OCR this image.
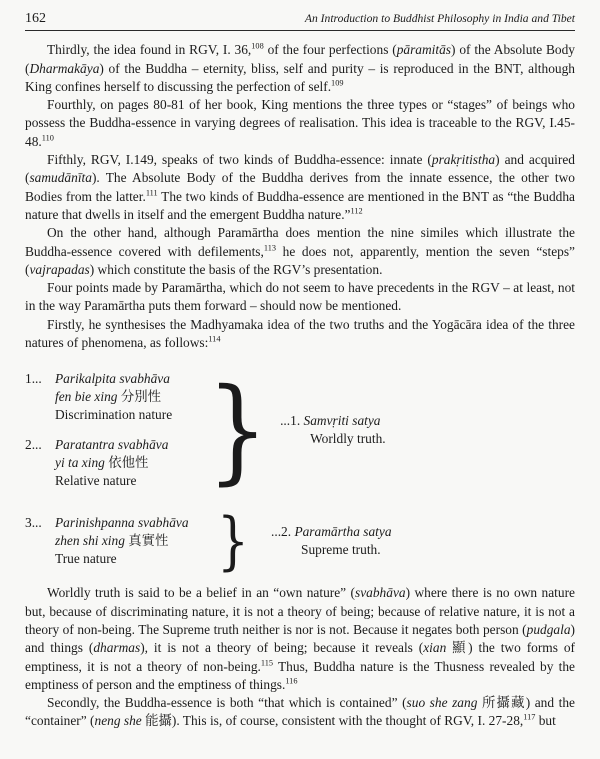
162	An Introduction to Buddhist Philosophy in India and Tibet

Thirdly, the idea found in RGV, I. 36,$^{108}$ of the four perfections (pāramitās) of the Absolute Body (Dharmakāya) of the Buddha – eternity, bliss, self and purity – is reproduced in the BNT, although King confines herself to discussing the perfection of self.$^{109}$

Fourthly, on pages 80-81 of her book, King mentions the three types or “stages” of beings who possess the Buddha-essence in varying degrees of realisation. This idea is traceable to the RGV, I.45-48.$^{110}$

Fifthly, RGV, I.149, speaks of two kinds of Buddha-essence: innate (prakṛitistha) and acquired (samudānīta). The Absolute Body of the Buddha derives from the innate essence, the other two Bodies from the latter.$^{111}$ The two kinds of Buddha-essence are mentioned in the BNT as “the Buddha nature that dwells in itself and the emergent Buddha nature.”$^{112}$

On the other hand, although Paramārtha does mention the nine similes which illustrate the Buddha-essence covered with defilements,$^{113}$ he does not, apparently, mention the seven “steps” (vajrapadas) which constitute the basis of the RGV’s presentation.

Four points made by Paramārtha, which do not seem to have precedents in the RGV – at least, not in the way Paramārtha puts them forward – should now be mentioned.

Firstly, he synthesises the Madhyamaka idea of the two truths and the Yogācāra idea of the three natures of phenomena, as follows:$^{114}$

1... Parikalpita svabhāva
fen bie xing 分別性
Discrimination nature
2... Paratantra svabhāva
yi ta xing 依他性
Relative nature } ...1. Samvṛiti satya
Worldly truth.
3... Parinishpanna svabhāva
zhen shi xing 真實性
True nature	} ...2. Paramārtha satya
Supreme truth.

Worldly truth is said to be a belief in an “own nature” (svabhāva) where there is no own nature but, because of discriminating nature, it is not a theory of being; because of relative nature, it is not a theory of non-being. The Supreme truth neither is nor is not. Because it negates both person (pudgala) and things (dharmas), it is not a theory of being; because it reveals (xian 顯) the two forms of emptiness, it is not a theory of non-being.$^{115}$ Thus, Buddha nature is the Thusness revealed by the emptiness of person and the emptiness of things.$^{116}$

Secondly, the Buddha-essence is both “that which is contained” (suo she zang 所攝藏) and the “container” (neng she 能攝). This is, of course, consistent with the thought of RGV, I. 27-28,$^{117}$ but
